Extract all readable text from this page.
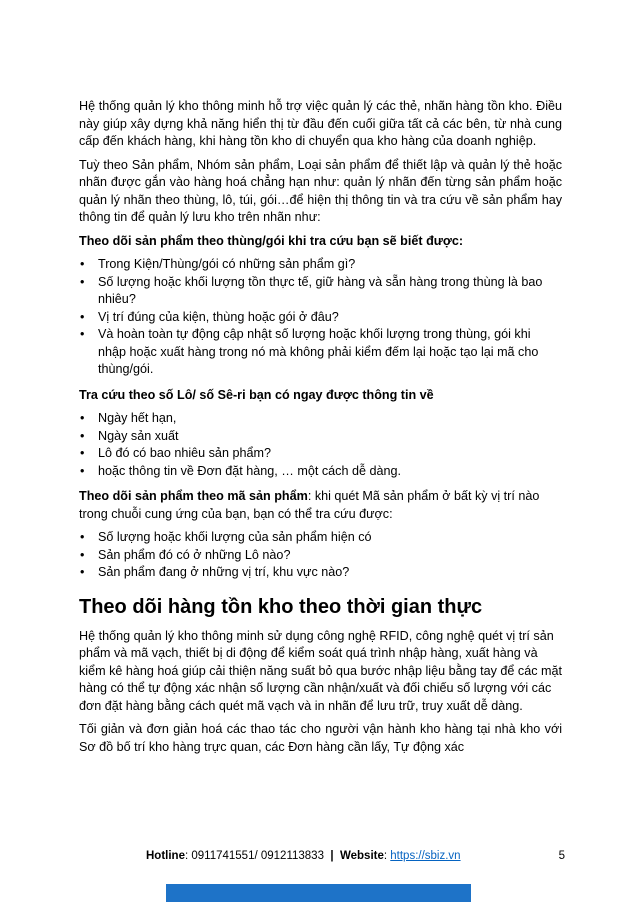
Hệ thống quản lý kho thông minh hỗ trợ việc quản lý các thẻ, nhãn hàng tồn kho. Điều này giúp xây dựng khả năng hiển thị từ đầu đến cuối giữa tất cả các bên, từ nhà cung cấp đến khách hàng, khi hàng tồn kho di chuyển qua kho hàng của doanh nghiệp.

Tuỳ theo Sản phẩm, Nhóm sản phẩm, Loại sản phẩm để thiết lập và quản lý thẻ hoặc nhãn được gắn vào hàng hoá chẳng hạn như: quản lý nhãn đến từng sản phẩm hoặc quản lý nhãn theo thùng, lô, túi, gói…để hiện thị thông tin và tra cứu về sản phẩm hay thông tin để quản lý lưu kho trên nhãn như:

Theo dõi sản phẩm theo thùng/gói khi tra cứu bạn sẽ biết được:

• Trong Kiện/Thùng/gói có những sản phẩm gì?
• Số lượng hoặc khối lượng tồn thực tế, giữ hàng và sẵn hàng trong thùng là bao nhiêu?
• Vị trí đúng của kiện, thùng hoặc gói ở đâu?
• Và hoàn toàn tự động cập nhật số lượng hoặc khối lượng trong thùng, gói khi nhập hoặc xuất hàng trong nó mà không phải kiểm đếm lại hoặc tạo lại mã cho thùng/gói.

Tra cứu theo số Lô/ số Sê-ri bạn có ngay được thông tin về

• Ngày hết hạn,
• Ngày sản xuất
• Lô đó có bao nhiêu sản phẩm?
• hoặc thông tin về Đơn đặt hàng, … một cách dễ dàng.

Theo dõi sản phẩm theo mã sản phẩm: khi quét Mã sản phẩm ở bất kỳ vị trí nào trong chuỗi cung ứng của bạn, bạn có thể tra cứu được:

• Số lượng hoặc khối lượng của sản phẩm hiện có
• Sản phẩm đó có ở những Lô nào?
• Sản phẩm đang ở những vị trí, khu vực nào?
Theo dõi hàng tồn kho theo thời gian thực

Hệ thống quản lý kho thông minh sử dụng công nghệ RFID, công nghệ quét vị trí sản phẩm và mã vạch, thiết bị di động để kiểm soát quá trình nhập hàng, xuất hàng và kiểm kê hàng hoá giúp cải thiện năng suất bỏ qua bước nhập liệu bằng tay để các mặt hàng có thể tự động xác nhận số lượng cần nhận/xuất và đối chiếu số lượng với các đơn đặt hàng bằng cách quét mã vạch và in nhãn để lưu trữ, truy xuất dễ dàng.

Tối giản và đơn giản hoá các thao tác cho người vận hành kho hàng tại nhà kho với Sơ đồ bố trí kho hàng trực quan, các Đơn hàng cần lấy, Tự động xác

Hotline: 0911741551/ 0912113833  |  Website: https://sbiz.vn	5
